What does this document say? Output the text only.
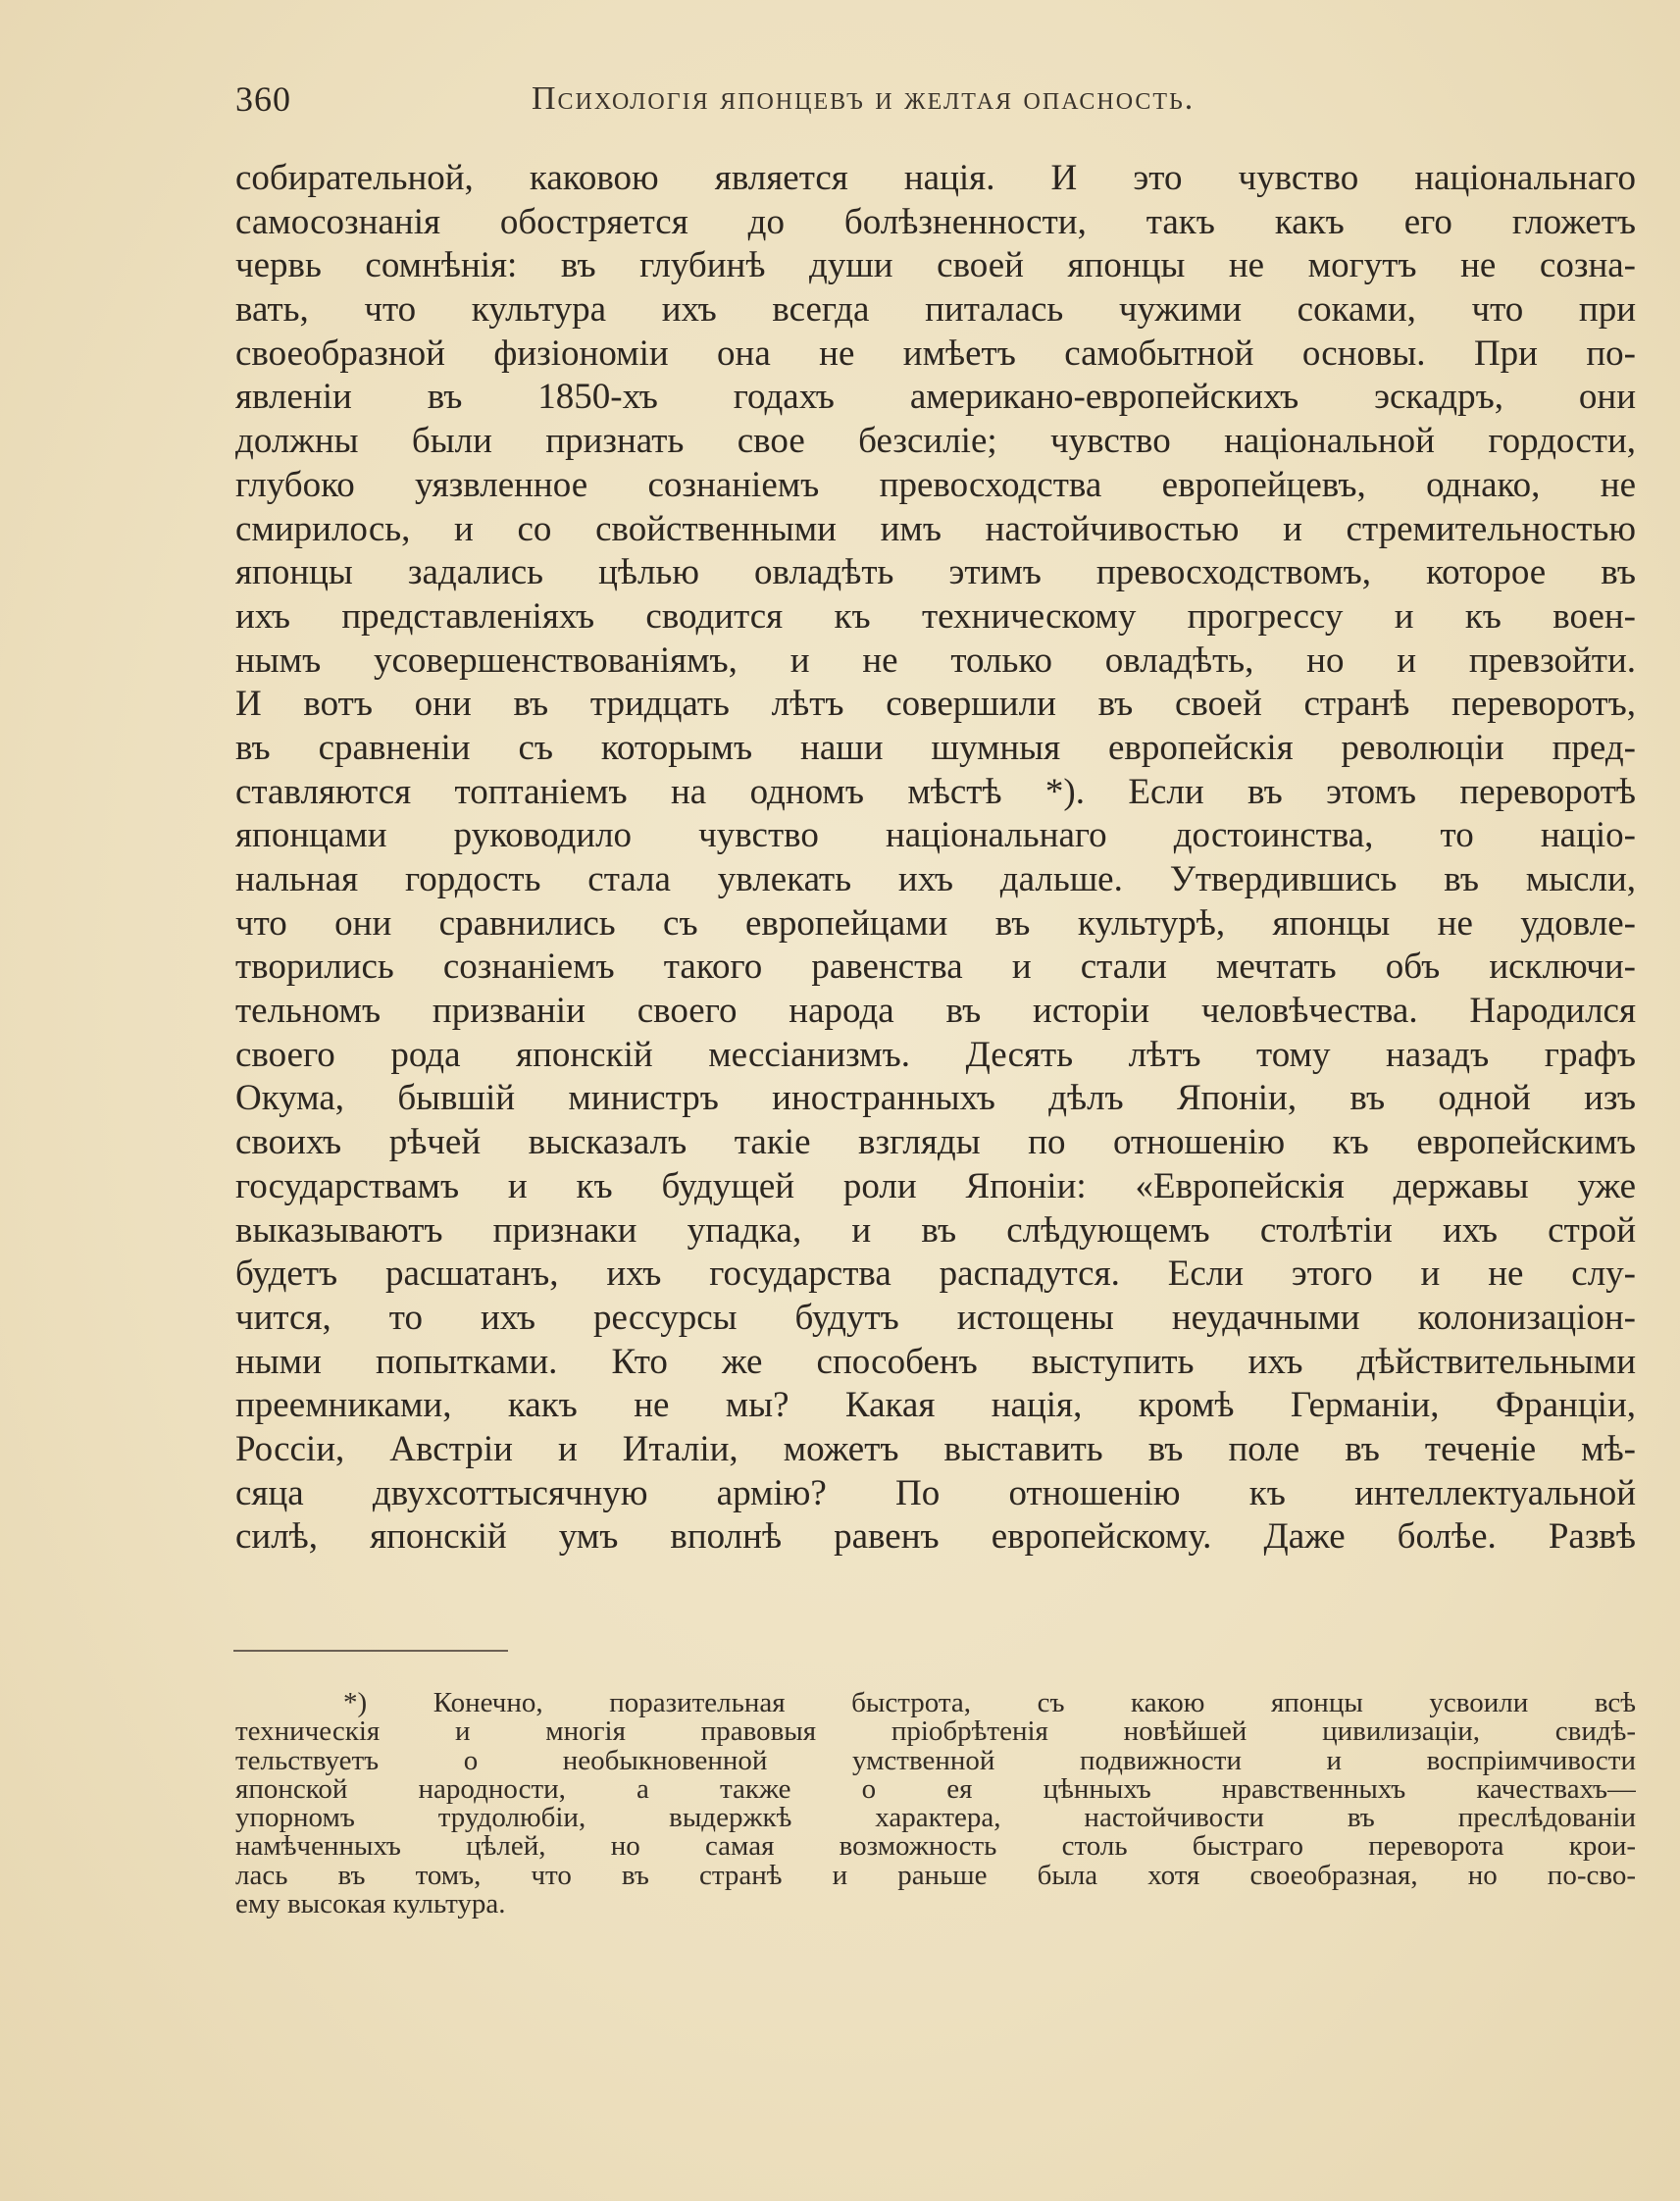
360	Психологія японцевъ и желтая опасность.
собирательной, каковою является нація. И это чувство національнаго
самосознанія обостряется до болѣзненности, такъ какъ его гложетъ
червь сомнѣнія: въ глубинѣ души своей японцы не могутъ не созна-
вать, что культура ихъ всегда питалась чужими соками, что при
своеобразной физіономіи она не имѣетъ самобытной основы. При по-
явленіи въ 1850-хъ годахъ американо-европейскихъ эскадръ, они
должны были признать свое безсиліе; чувство національной гордости,
глубоко уязвленное сознаніемъ превосходства европейцевъ, однако, не
смирилось, и со свойственными имъ настойчивостью и стремительностью
японцы задались цѣлью овладѣть этимъ превосходствомъ, которое въ
ихъ представленіяхъ сводится къ техническому прогрессу и къ воен-
нымъ усовершенствованіямъ, и не только овладѣть, но и превзойти.
И вотъ они въ тридцать лѣтъ совершили въ своей странѣ переворотъ,
въ сравненіи съ которымъ наши шумныя европейскія революціи пред-
ставляются топтаніемъ на одномъ мѣстѣ *). Если въ этомъ переворотѣ
японцами руководило чувство національнаго достоинства, то націо-
нальная гордость стала увлекать ихъ дальше. Утвердившись въ мысли,
что они сравнились съ европейцами въ культурѣ, японцы не удовле-
творились сознаніемъ такого равенства и стали мечтать объ исключи-
тельномъ призваніи своего народа въ исторіи человѣчества. Народился
своего рода японскій мессіанизмъ. Десять лѣтъ тому назадъ графъ
Окума, бывшій министръ иностранныхъ дѣлъ Японіи, въ одной изъ
своихъ рѣчей высказалъ такіе взгляды по отношенію къ европейскимъ
государствамъ и къ будущей роли Японіи: «Европейскія державы уже
выказываютъ признаки упадка, и въ слѣдующемъ столѣтіи ихъ строй
будетъ расшатанъ, ихъ государства распадутся. Если этого и не слу-
чится, то ихъ рессурсы будутъ истощены неудачными колонизаціон-
ными попытками. Кто же способенъ выступить ихъ дѣйствительными
преемниками, какъ не мы? Какая нація, кромѣ Германіи, Франціи,
Россіи, Австріи и Италіи, можетъ выставить въ поле въ теченіе мѣ-
сяца двухсоттысячную армію? По отношенію къ интеллектуальной
силѣ, японскій умъ вполнѣ равенъ европейскому. Даже болѣе. Развѣ
*) Конечно, поразительная быстрота, съ какою японцы усвоили всѣ
техническія и многія правовыя пріобрѣтенія новѣйшей цивилизаціи, свидѣ-
тельствуетъ о необыкновенной умственной подвижности и воспріимчивости
японской народности, а также о ея цѣнныхъ нравственныхъ качествахъ—
упорномъ трудолюбіи, выдержкѣ характера, настойчивости въ преслѣдованіи
намѣченныхъ цѣлей, но самая возможность столь быстраго переворота крои-
лась въ томъ, что въ странѣ и раньше была хотя своеобразная, но по-сво-
ему высокая культура.
